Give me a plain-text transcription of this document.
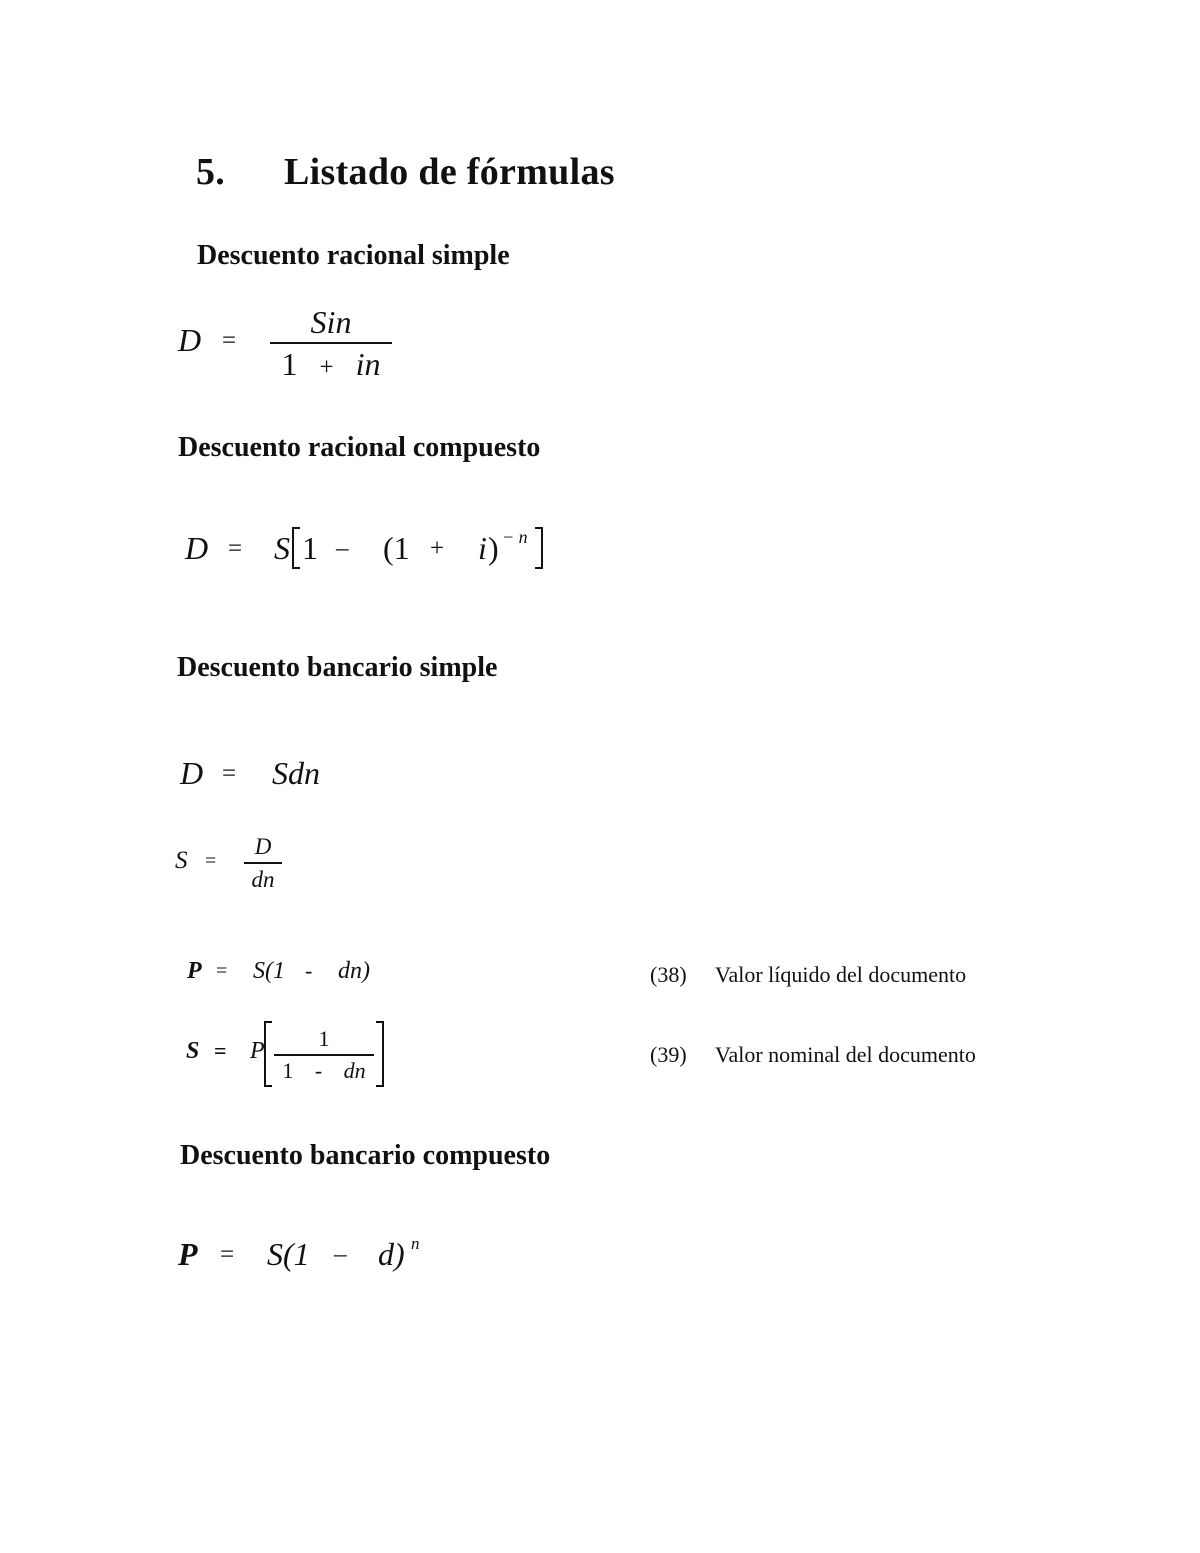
5. Listado de fórmulas
Descuento racional simple
D =
Sin
1 + in
Descuento racional compuesto
D = S 1 – (1 + i ) − n
Descuento bancario simple
D = Sdn
S =
D
dn
P = S(1 - dn)	(38) Valor líquido del documento
S = P 1
1 - dn
(39) Valor nominal del documento
Descuento bancario compuesto
P = S(1 – d) n
